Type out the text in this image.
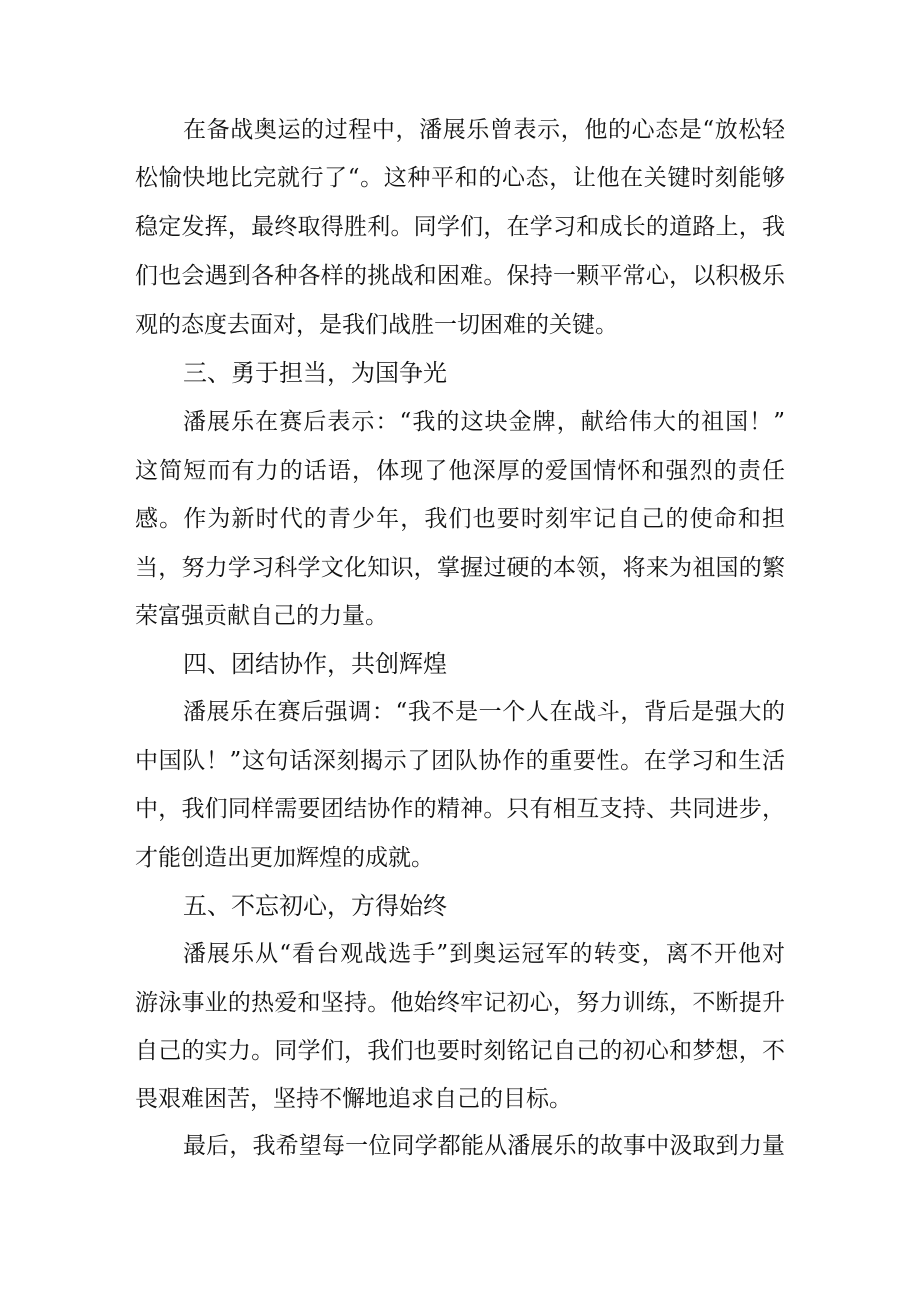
在备战奥运的过程中，潘展乐曾表示，他的心态是“放松轻
松愉快地比完就行了“。这种平和的心态，让他在关键时刻能够
稳定发挥，最终取得胜利。同学们，在学习和成长的道路上，我
们也会遇到各种各样的挑战和困难。保持一颗平常心，以积极乐
观的态度去面对，是我们战胜一切困难的关键。
三、勇于担当，为国争光
潘展乐在赛后表示：“我的这块金牌，献给伟大的祖国！”
这简短而有力的话语，体现了他深厚的爱国情怀和强烈的责任
感。作为新时代的青少年，我们也要时刻牢记自己的使命和担
当，努力学习科学文化知识，掌握过硬的本领，将来为祖国的繁
荣富强贡献自己的力量。
四、团结协作，共创辉煌
潘展乐在赛后强调：“我不是一个人在战斗，背后是强大的
中国队！”这句话深刻揭示了团队协作的重要性。在学习和生活
中，我们同样需要团结协作的精神。只有相互支持、共同进步，
才能创造出更加辉煌的成就。
五、不忘初心，方得始终
潘展乐从“看台观战选手”到奥运冠军的转变，离不开他对
游泳事业的热爱和坚持。他始终牢记初心，努力训练，不断提升
自己的实力。同学们，我们也要时刻铭记自己的初心和梦想，不
畏艰难困苦，坚持不懈地追求自己的目标。
最后，我希望每一位同学都能从潘展乐的故事中汲取到力量
